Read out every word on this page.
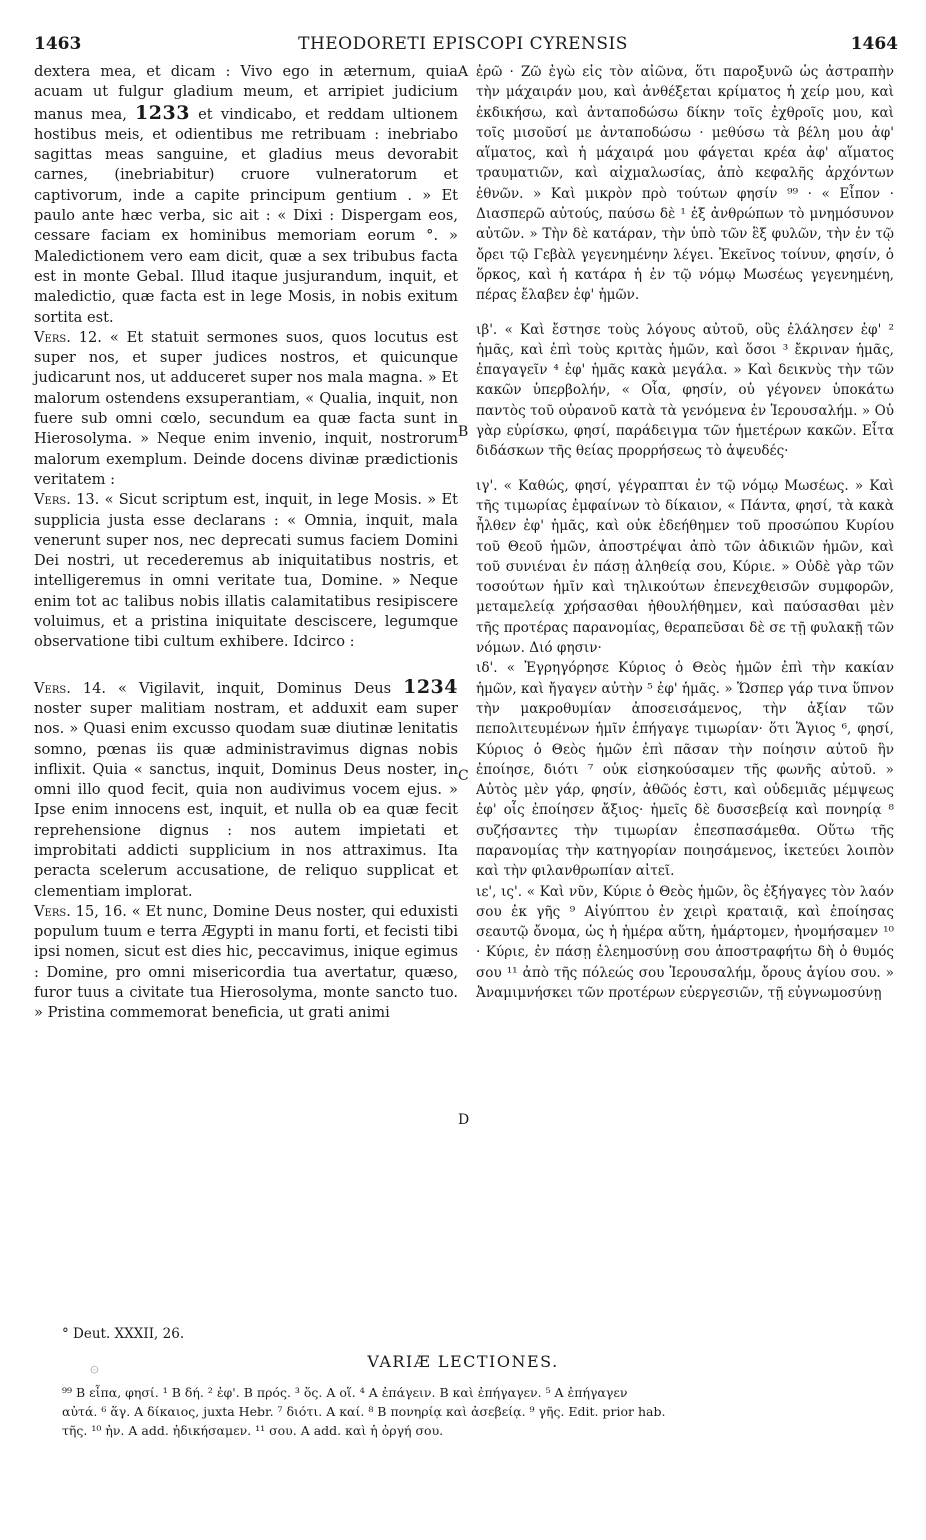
1463	THEODORETI EPISCOPI CYRENSIS	1464

dextera mea, et dicam : Vivo ego in æternum, quia acuam ut fulgur gladium meum, et arripiet judicium manus mea, 1233 et vindicabo, et reddam ultionem hostibus meis, et odientibus me retribuam : inebriabo sagittas meas sanguine, et gladius meus devorabit carnes, (inebriabitur) cruore vulneratorum et captivorum, inde a capite principum gentium . » Et paulo ante hæc verba, sic ait : « Dixi : Dispergam eos, cessare faciam ex hominibus memoriam eorum °. » Maledictionem vero eam dicit, quæ a sex tribubus facta est in monte Gebal. Illud itaque jusjurandum, inquit, et maledictio, quæ facta est in lege Mosis, in nobis exitum sortita est.

Vers. 12. « Et statuit sermones suos, quos locutus est super nos, et super judices nostros, et quicunque judicarunt nos, ut adduceret super nos mala magna. » Et malorum ostendens exsuperantiam, « Qualia, inquit, non fuere sub omni cœlo, secundum ea quæ facta sunt in Hierosolyma. » Neque enim invenio, inquit, nostrorum malorum exemplum. Deinde docens divinæ prædictionis veritatem :

Vers. 13. « Sicut scriptum est, inquit, in lege Mosis. » Et supplicia justa esse declarans : « Omnia, inquit, mala venerunt super nos, nec deprecati sumus faciem Domini Dei nostri, ut recederemus ab iniquitatibus nostris, et intelligeremus in omni veritate tua, Domine. » Neque enim tot ac talibus nobis illatis calamitatibus resipiscere voluimus, et a pristina iniquitate desciscere, legumque observatione tibi cultum exhibere. Idcirco :

Vers. 14. « Vigilavit, inquit, Dominus Deus 1234 noster super malitiam nostram, et adduxit eam super nos. » Quasi enim excusso quodam suæ diutinæ lenitatis somno, pœnas iis quæ administravimus dignas nobis inflixit. Quia « sanctus, inquit, Dominus Deus noster, in omni illo quod fecit, quia non audivimus vocem ejus. » Ipse enim innocens est, inquit, et nulla ob ea quæ fecit reprehensione dignus : nos autem impietati et improbitati addicti supplicium in nos attraximus. Ita peracta scelerum accusatione, de reliquo supplicat et clementiam implorat.

Vers. 15, 16. « Et nunc, Domine Deus noster, qui eduxisti populum tuum e terra Ægypti in manu forti, et fecisti tibi ipsi nomen, sicut est dies hic, peccavimus, inique egimus : Domine, pro omni misericordia tua avertatur, quæso, furor tuus a civitate tua Hierosolyma, monte sancto tuo. » Pristina commemorat beneficia, ut grati animi

ἐρῶ · Ζῶ ἐγὼ εἰς τὸν αἰῶνα, ὅτι παροξυνῶ ὡς ἀστραπὴν τὴν μάχαιράν μου, καὶ ἀνθέξεται κρίματος ἡ χείρ μου, καὶ ἐκδικήσω, καὶ ἀνταποδώσω δίκην τοῖς ἐχθροῖς μου, καὶ τοῖς μισοῦσί με ἀνταποδώσω · μεθύσω τὰ βέλη μου ἀφ' αἵματος, καὶ ἡ μάχαιρά μου φάγεται κρέα ἀφ' αἵματος τραυματιῶν, καὶ αἰχμαλωσίας, ἀπὸ κεφαλῆς ἀρχόντων ἐθνῶν. » Καὶ μικρὸν πρὸ τούτων φησίν ⁹⁹ · « Εἶπον · Διασπερῶ αὐτούς, παύσω δὲ ¹ ἐξ ἀνθρώπων τὸ μνημόσυνον αὐτῶν. » Τὴν δὲ κατάραν, τὴν ὑπὸ τῶν ἓξ φυλῶν, τὴν ἐν τῷ ὄρει τῷ Γεβὰλ γεγενημένην λέγει. Ἐκεῖνος τοίνυν, φησίν, ὁ ὅρκος, καὶ ἡ κατάρα ἡ ἐν τῷ νόμῳ Μωσέως γεγενημένη, πέρας ἔλαβεν ἐφ' ἡμῶν.

ιβ'. « Καὶ ἔστησε τοὺς λόγους αὐτοῦ, οὓς ἐλάλησεν ἐφ' ² ἡμᾶς, καὶ ἐπὶ τοὺς κριτὰς ἡμῶν, καὶ ὅσοι ³ ἔκριναν ἡμᾶς, ἐπαγαγεῖν ⁴ ἐφ' ἡμᾶς κακὰ μεγάλα. » Καὶ δεικνὺς τὴν τῶν κακῶν ὑπερβολήν, « Οἷα, φησίν, οὐ γέγονεν ὑποκάτω παντὸς τοῦ οὐρανοῦ κατὰ τὰ γενόμενα ἐν Ἱερουσαλήμ. » Οὐ γὰρ εὑρίσκω, φησί, παράδειγμα τῶν ἡμετέρων κακῶν. Εἶτα διδάσκων τῆς θείας προρρήσεως τὸ ἀψευδές·

ιγ'. « Καθώς, φησί, γέγραπται ἐν τῷ νόμῳ Μωσέως. » Καὶ τῆς τιμωρίας ἐμφαίνων τὸ δίκαιον, « Πάντα, φησί, τὰ κακὰ ἦλθεν ἐφ' ἡμᾶς, καὶ οὐκ ἐδεήθημεν τοῦ προσώπου Κυρίου τοῦ Θεοῦ ἡμῶν, ἀποστρέψαι ἀπὸ τῶν ἀδικιῶν ἡμῶν, καὶ τοῦ συνιέναι ἐν πάσῃ ἀληθείᾳ σου, Κύριε. » Οὐδὲ γὰρ τῶν τοσούτων ἡμῖν καὶ τηλικούτων ἐπενεχθεισῶν συμφορῶν, μεταμελείᾳ χρήσασθαι ἠθουλήθημεν, καὶ παύσασθαι μὲν τῆς προτέρας παρανομίας, θεραπεῦσαι δὲ σε τῇ φυλακῇ τῶν νόμων. Διό φησιν·

ιδ'. « Ἐγρηγόρησε Κύριος ὁ Θεὸς ἡμῶν ἐπὶ τὴν κακίαν ἡμῶν, καὶ ἤγαγεν αὐτὴν ⁵ ἐφ' ἡμᾶς. » Ὥσπερ γάρ τινα ὕπνον τὴν μακροθυμίαν ἀποσεισάμενος, τὴν ἀξίαν τῶν πεπολιτευμένων ἡμῖν ἐπήγαγε τιμωρίαν· ὅτι Ἅγιος ⁶, φησί, Κύριος ὁ Θεὸς ἡμῶν ἐπὶ πᾶσαν τὴν ποίησιν αὐτοῦ ἣν ἐποίησε, διότι ⁷ οὐκ εἰσηκούσαμεν τῆς φωνῆς αὐτοῦ. » Αὐτὸς μὲν γάρ, φησίν, ἀθῶός ἐστι, καὶ οὐδεμιᾶς μέμψεως ἐφ' οἷς ἐποίησεν ἄξιος· ἡμεῖς δὲ δυσσεβείᾳ καὶ πονηρίᾳ ⁸ συζήσαντες τὴν τιμωρίαν ἐπεσπασάμεθα. Οὕτω τῆς παρανομίας τὴν κατηγορίαν ποιησάμενος, ἱκετεύει λοιπὸν καὶ τὴν φιλανθρωπίαν αἰτεῖ.

ιε', ις'. « Καὶ νῦν, Κύριε ὁ Θεὸς ἡμῶν, ὃς ἐξήγαγες τὸν λαόν σου ἐκ γῆς ⁹ Αἰγύπτου ἐν χειρὶ κραταιᾷ, καὶ ἐποίησας σεαυτῷ ὄνομα, ὡς ἡ ἡμέρα αὕτη, ἡμάρτομεν, ἠνομήσαμεν ¹⁰ · Κύριε, ἐν πάσῃ ἐλεημοσύνῃ σου ἀποστραφήτω δὴ ὁ θυμός σου ¹¹ ἀπὸ τῆς πόλεώς σου Ἱερουσαλήμ, ὄρους ἁγίου σου. » Ἀναμιμνήσκει τῶν προτέρων εὐεργεσιῶν, τῇ εὐγνωμοσύνῃ

A
B
C
D
° Deut. XXXII, 26.
۞	VARIÆ LECTIONES.
⁹⁹ B εἶπα, φησί. ¹ B δή. ² ἐφ'. B πρός. ³ ὅς. A οἵ. ⁴ A ἐπάγειν. B καὶ ἐπήγαγεν. ⁵ A ἐπήγαγεν
αὐτά. ⁶ ἅγ. A δίκαιος, juxta Hebr. ⁷ διότι. A καί. ⁸ B πονηρίᾳ καὶ ἀσεβείᾳ. ⁹ γῆς. Edit. prior hab.
τῆς. ¹⁰ ἠν. A add. ἠδικήσαμεν. ¹¹ σου. A add. καὶ ἡ ὀργή σου.
